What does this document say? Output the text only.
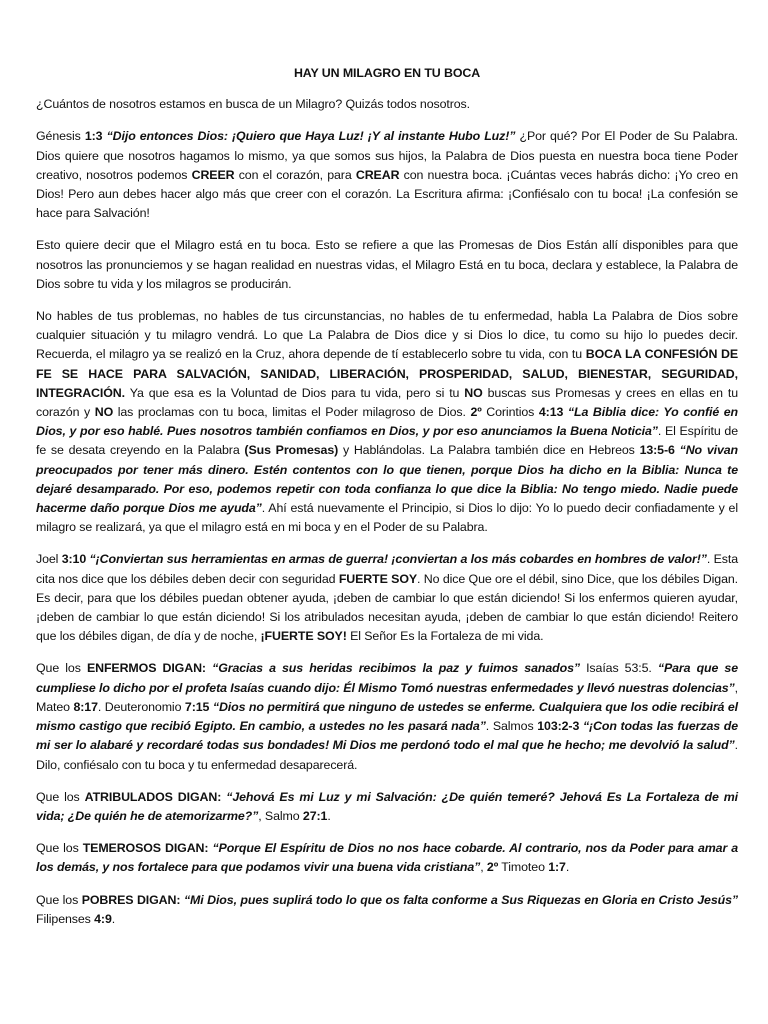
HAY UN MILAGRO EN TU BOCA

¿Cuántos de nosotros estamos en busca de un Milagro? Quizás todos nosotros.

Génesis 1:3 “Dijo entonces Dios: ¡Quiero que Haya Luz! ¡Y al instante Hubo Luz!” ¿Por qué? Por El Poder de Su Palabra. Dios quiere que nosotros hagamos lo mismo, ya que somos sus hijos, la Palabra de Dios puesta en nuestra boca tiene Poder creativo, nosotros podemos CREER con el corazón, para CREAR con nuestra boca. ¡Cuántas veces habrás dicho: ¡Yo creo en Dios! Pero aun debes hacer algo más que creer con el corazón. La Escritura afirma: ¡Confiésalo con tu boca! ¡La confesión se hace para Salvación!

Esto quiere decir que el Milagro está en tu boca. Esto se refiere a que las Promesas de Dios Están allí disponibles para que nosotros las pronunciemos y se hagan realidad en nuestras vidas, el Milagro Está en tu boca, declara y establece, la Palabra de Dios sobre tu vida y los milagros se producirán.

No hables de tus problemas, no hables de tus circunstancias, no hables de tu enfermedad, habla La Palabra de Dios sobre cualquier situación y tu milagro vendrá. Lo que La Palabra de Dios dice y si Dios lo dice, tu como su hijo lo puedes decir. Recuerda, el milagro ya se realizó en la Cruz, ahora depende de tí establecerlo sobre tu vida, con tu BOCA LA CONFESIÓN DE FE SE HACE PARA SALVACIÓN, SANIDAD, LIBERACIÓN, PROSPERIDAD, SALUD, BIENESTAR, SEGURIDAD, INTEGRACIÓN. Ya que esa es la Voluntad de Dios para tu vida, pero si tu NO buscas sus Promesas y crees en ellas en tu corazón y NO las proclamas con tu boca, limitas el Poder milagroso de Dios. 2º Corintios 4:13 “La Biblia dice: Yo confié en Dios, y por eso hablé. Pues nosotros también confiamos en Dios, y por eso anunciamos la Buena Noticia”. El Espíritu de fe se desata creyendo en la Palabra (Sus Promesas) y Hablándolas. La Palabra también dice en Hebreos 13:5-6 “No vivan preocupados por tener más dinero. Estén contentos con lo que tienen, porque Dios ha dicho en la Biblia: Nunca te dejaré desamparado. Por eso, podemos repetir con toda confianza lo que dice la Biblia: No tengo miedo. Nadie puede hacerme daño porque Dios me ayuda”. Ahí está nuevamente el Principio, si Dios lo dijo: Yo lo puedo decir confiadamente y el milagro se realizará, ya que el milagro está en mi boca y en el Poder de su Palabra.

Joel 3:10 “¡Conviertan sus herramientas en armas de guerra! ¡conviertan a los más cobardes en hombres de valor!”. Esta cita nos dice que los débiles deben decir con seguridad FUERTE SOY. No dice Que ore el débil, sino Dice, que los débiles Digan. Es decir, para que los débiles puedan obtener ayuda, ¡deben de cambiar lo que están diciendo! Si los enfermos quieren ayudar, ¡deben de cambiar lo que están diciendo! Si los atribulados necesitan ayuda, ¡deben de cambiar lo que están diciendo! Reitero que los débiles digan, de día y de noche, ¡FUERTE SOY! El Señor Es la Fortaleza de mi vida.

Que los ENFERMOS DIGAN: “Gracias a sus heridas recibimos la paz y fuimos sanados” Isaías 53:5. “Para que se cumpliese lo dicho por el profeta Isaías cuando dijo: Él Mismo Tomó nuestras enfermedades y llevó nuestras dolencias”, Mateo 8:17. Deuteronomio 7:15 “Dios no permitirá que ninguno de ustedes se enferme. Cualquiera que los odie recibirá el mismo castigo que recibió Egipto. En cambio, a ustedes no les pasará nada”. Salmos 103:2-3 “¡Con todas las fuerzas de mi ser lo alabaré y recordaré todas sus bondades! Mi Dios me perdonó todo el mal que he hecho; me devolvió la salud”. Dilo, confiésalo con tu boca y tu enfermedad desaparecerá.

Que los ATRIBULADOS DIGAN: “Jehová Es mi Luz y mi Salvación: ¿De quién temeré? Jehová Es La Fortaleza de mi vida; ¿De quién he de atemorizarme?”, Salmo 27:1.

Que los TEMEROSOS DIGAN: “Porque El Espíritu de Dios no nos hace cobarde. Al contrario, nos da Poder para amar a los demás, y nos fortalece para que podamos vivir una buena vida cristiana”, 2º Timoteo 1:7.

Que los POBRES DIGAN: “Mi Dios, pues suplirá todo lo que os falta conforme a Sus Riquezas en Gloria en Cristo Jesús” Filipenses 4:9.
